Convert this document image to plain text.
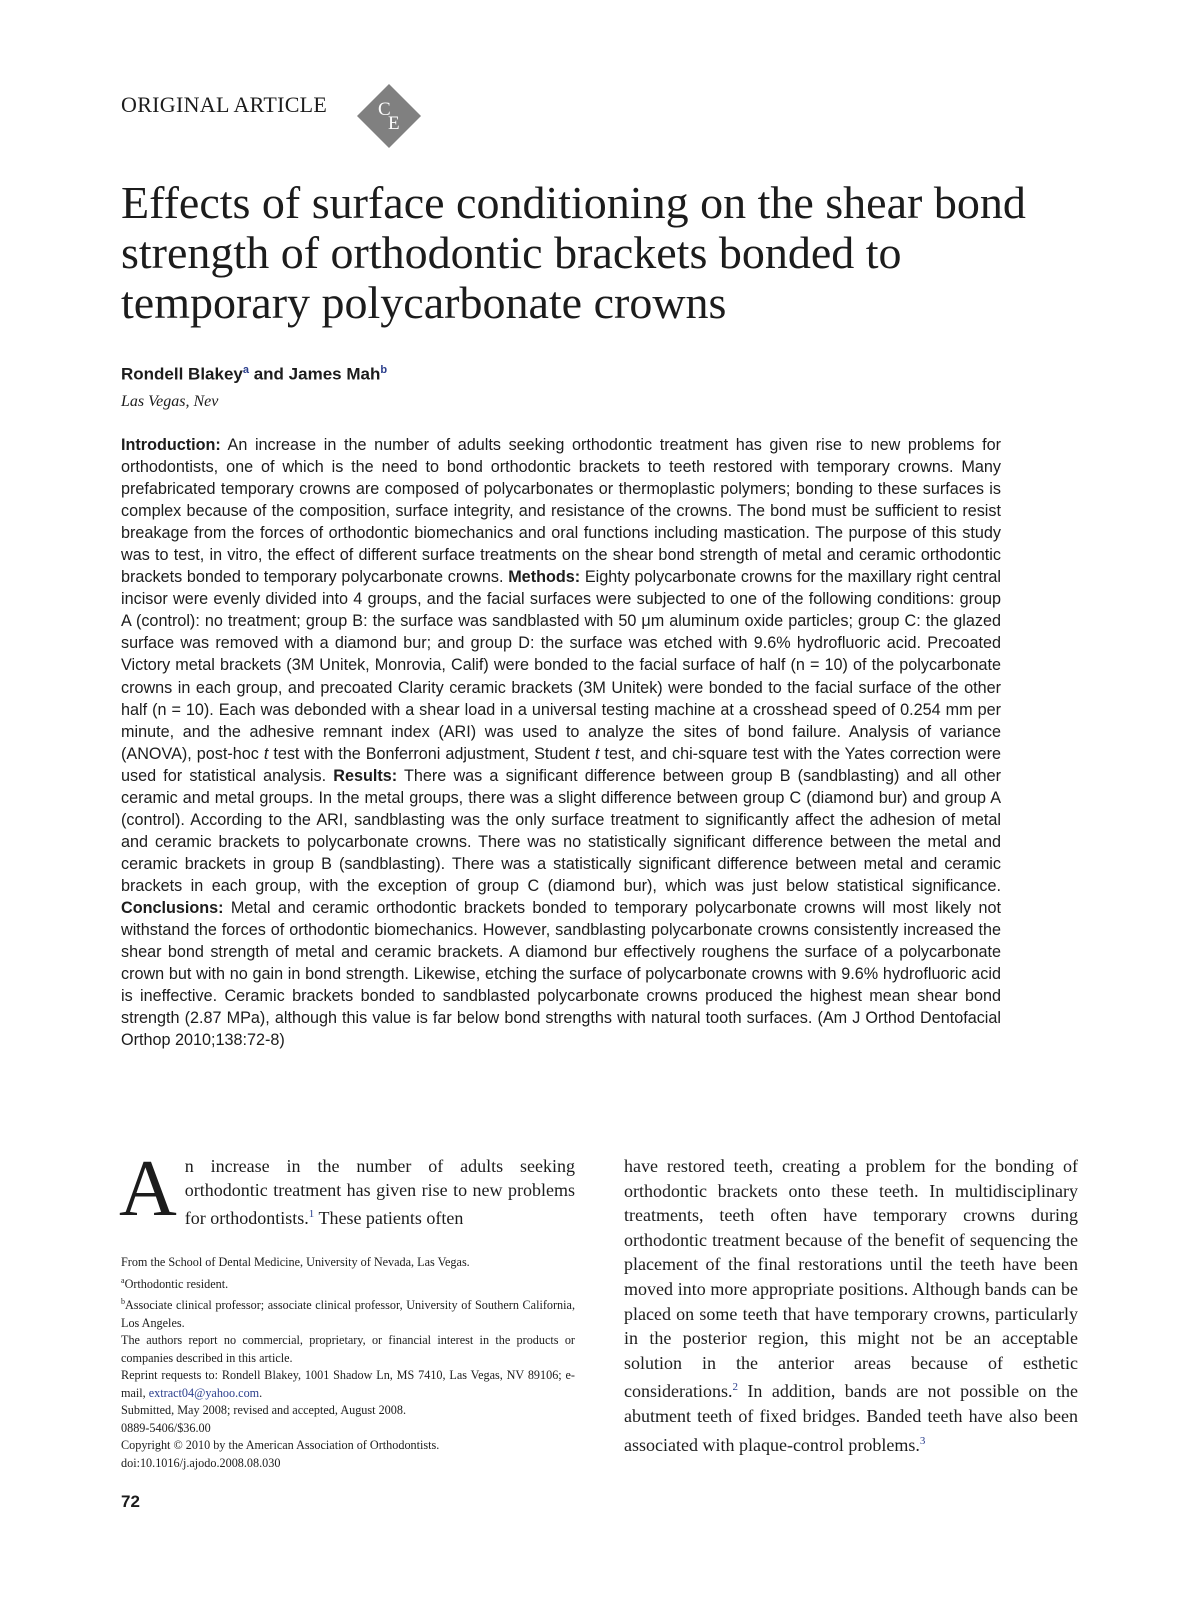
ORIGINAL ARTICLE	C
E
Effects of surface conditioning on the shear bond strength of orthodontic brackets bonded to temporary polycarbonate crowns
Rondell Blakey$^a$ and James Mah$^b$
Las Vegas, Nev

Introduction: An increase in the number of adults seeking orthodontic treatment has given rise to new problems for orthodontists, one of which is the need to bond orthodontic brackets to teeth restored with temporary crowns. Many prefabricated temporary crowns are composed of polycarbonates or thermoplastic polymers; bonding to these surfaces is complex because of the composition, surface integrity, and resistance of the crowns. The bond must be sufficient to resist breakage from the forces of orthodontic biomechanics and oral functions including mastication. The purpose of this study was to test, in vitro, the effect of different surface treatments on the shear bond strength of metal and ceramic orthodontic brackets bonded to temporary polycarbonate crowns. Methods: Eighty polycarbonate crowns for the maxillary right central incisor were evenly divided into 4 groups, and the facial surfaces were subjected to one of the following conditions: group A (control): no treatment; group B: the surface was sandblasted with 50 μm aluminum oxide particles; group C: the glazed surface was removed with a diamond bur; and group D: the surface was etched with 9.6% hydrofluoric acid. Precoated Victory metal brackets (3M Unitek, Monrovia, Calif) were bonded to the facial surface of half (n = 10) of the polycarbonate crowns in each group, and precoated Clarity ceramic brackets (3M Unitek) were bonded to the facial surface of the other half (n = 10). Each was debonded with a shear load in a universal testing machine at a crosshead speed of 0.254 mm per minute, and the adhesive remnant index (ARI) was used to analyze the sites of bond failure. Analysis of variance (ANOVA), post-hoc t test with the Bonferroni adjustment, Student t test, and chi-square test with the Yates correction were used for statistical analysis. Results: There was a significant difference between group B (sandblasting) and all other ceramic and metal groups. In the metal groups, there was a slight difference between group C (diamond bur) and group A (control). According to the ARI, sandblasting was the only surface treatment to significantly affect the adhesion of metal and ceramic brackets to polycarbonate crowns. There was no statistically significant difference between the metal and ceramic brackets in group B (sandblasting). There was a statistically significant difference between metal and ceramic brackets in each group, with the exception of group C (diamond bur), which was just below statistical significance. Conclusions: Metal and ceramic orthodontic brackets bonded to temporary polycarbonate crowns will most likely not withstand the forces of orthodontic biomechanics. However, sandblasting polycarbonate crowns consistently increased the shear bond strength of metal and ceramic brackets. A diamond bur effectively roughens the surface of a polycarbonate crown but with no gain in bond strength. Likewise, etching the surface of polycarbonate crowns with 9.6% hydrofluoric acid is ineffective. Ceramic brackets bonded to sandblasted polycarbonate crowns produced the highest mean shear bond strength (2.87 MPa), although this value is far below bond strengths with natural tooth surfaces. (Am J Orthod Dentofacial Orthop 2010;138:72-8)

An increase in the number of adults seeking orthodontic treatment has given rise to new problems for orthodontists.$^1$ These patients often

From the School of Dental Medicine, University of Nevada, Las Vegas.

$^a$Orthodontic resident.

$^b$Associate clinical professor; associate clinical professor, University of Southern California, Los Angeles.

The authors report no commercial, proprietary, or financial interest in the products or companies described in this article.

Reprint requests to: Rondell Blakey, 1001 Shadow Ln, MS 7410, Las Vegas, NV 89106; e-mail, extract04@yahoo.com.

Submitted, May 2008; revised and accepted, August 2008.

0889-5406/$36.00

Copyright © 2010 by the American Association of Orthodontists.

doi:10.1016/j.ajodo.2008.08.030

have restored teeth, creating a problem for the bonding of orthodontic brackets onto these teeth. In multidisciplinary treatments, teeth often have temporary crowns during orthodontic treatment because of the benefit of sequencing the placement of the final restorations until the teeth have been moved into more appropriate positions. Although bands can be placed on some teeth that have temporary crowns, particularly in the posterior region, this might not be an acceptable solution in the anterior areas because of esthetic considerations.$^2$ In addition, bands are not possible on the abutment teeth of fixed bridges. Banded teeth have also been associated with plaque-control problems.$^3$

72
